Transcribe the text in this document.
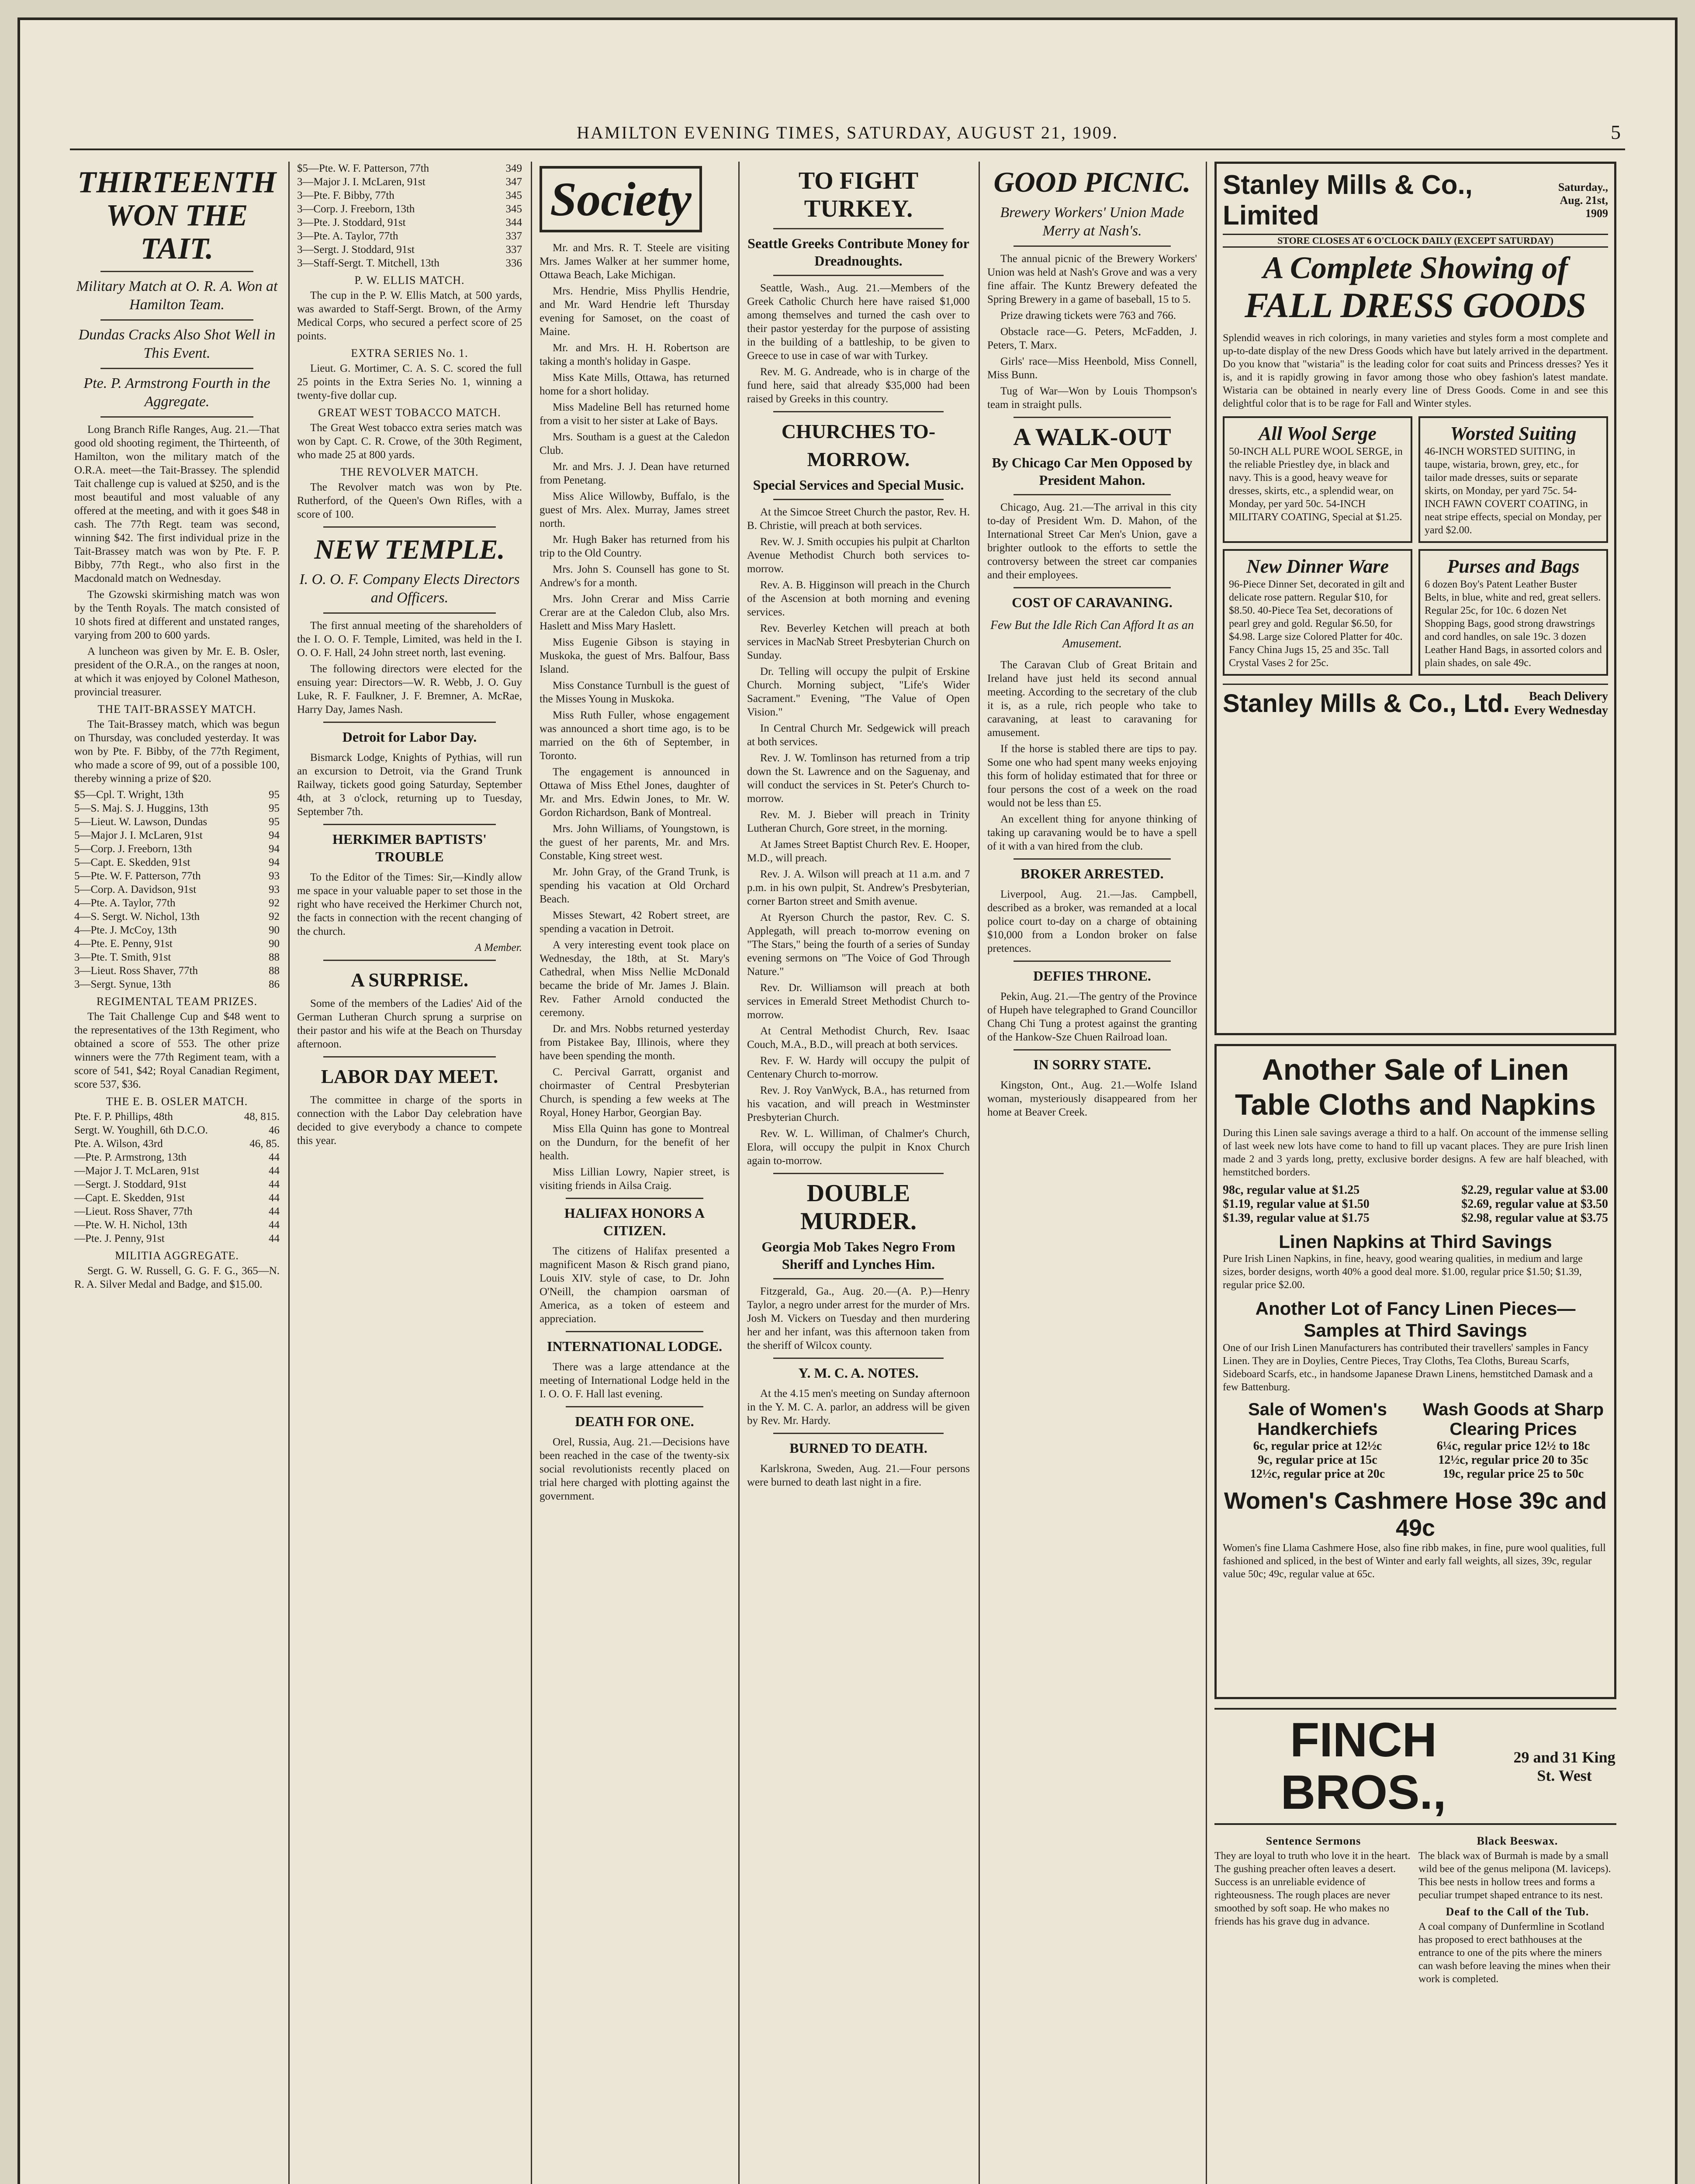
HAMILTON EVENING TIMES, SATURDAY, AUGUST 21, 1909.	5
THIRTEENTH WON THE TAIT.
Military Match at O. R. A. Won at Hamilton Team.
Dundas Cracks Also Shot Well in This Event.
Pte. P. Armstrong Fourth in the Aggregate.

Long Branch Rifle Ranges, Aug. 21.—That good old shooting regiment, the Thirteenth, of Hamilton, won the military match of the O.R.A. meet—the Tait-Brassey. The splendid Tait challenge cup is valued at $250, and is the most beautiful and most valuable of any offered at the meeting, and with it goes $48 in cash. The 77th Regt. team was second, winning $42. The first individual prize in the Tait-Brassey match was won by Pte. F. P. Bibby, 77th Regt., who also first in the Macdonald match on Wednesday.

The Gzowski skirmishing match was won by the Tenth Royals. The match consisted of 10 shots fired at different and unstated ranges, varying from 200 to 600 yards.

A luncheon was given by Mr. E. B. Osler, president of the O.R.A., on the ranges at noon, at which it was enjoyed by Colonel Matheson, provincial treasurer.

THE TAIT-BRASSEY MATCH.

The Tait-Brassey match, which was begun on Thursday, was concluded yesterday. It was won by Pte. F. Bibby, of the 77th Regiment, who made a score of 99, out of a possible 100, thereby winning a prize of $20.

$5—Cpl. T. Wright, 13th	95
5—S. Maj. S. J. Huggins, 13th	95
5—Lieut. W. Lawson, Dundas	95
5—Major J. I. McLaren, 91st	94
5—Corp. J. Freeborn, 13th	94
5—Capt. E. Skedden, 91st	94
5—Pte. W. F. Patterson, 77th	93
5—Corp. A. Davidson, 91st	93
4—Pte. A. Taylor, 77th	92
4—S. Sergt. W. Nichol, 13th	92
4—Pte. J. McCoy, 13th	90
4—Pte. E. Penny, 91st	90
3—Pte. T. Smith, 91st	88
3—Lieut. Ross Shaver, 77th	88
3—Sergt. Synue, 13th	86
REGIMENTAL TEAM PRIZES.

The Tait Challenge Cup and $48 went to the representatives of the 13th Regiment, who obtained a score of 553. The other prize winners were the 77th Regiment team, with a score of 541, $42; Royal Canadian Regiment, score 537, $36.

THE E. B. OSLER MATCH.
Pte. F. P. Phillips, 48th	48, 815.
Sergt. W. Youghill, 6th D.C.O.	46
Pte. A. Wilson, 43rd	46, 85.
—Pte. P. Armstrong, 13th	44
—Major J. T. McLaren, 91st	44
—Sergt. J. Stoddard, 91st	44
—Capt. E. Skedden, 91st	44
—Lieut. Ross Shaver, 77th	44
—Pte. W. H. Nichol, 13th	44
—Pte. J. Penny, 91st	44
MILITIA AGGREGATE.

Sergt. G. W. Russell, G. G. F. G., 365—N. R. A. Silver Medal and Badge, and $15.00.

$5—Pte. W. F. Patterson, 77th	349
3—Major J. I. McLaren, 91st	347
3—Pte. F. Bibby, 77th	345
3—Corp. J. Freeborn, 13th	345
3—Pte. J. Stoddard, 91st	344
3—Pte. A. Taylor, 77th	337
3—Sergt. J. Stoddard, 91st	337
3—Staff-Sergt. T. Mitchell, 13th	336
P. W. ELLIS MATCH.

The cup in the P. W. Ellis Match, at 500 yards, was awarded to Staff-Sergt. Brown, of the Army Medical Corps, who secured a perfect score of 25 points.

EXTRA SERIES No. 1.

Lieut. G. Mortimer, C. A. S. C. scored the full 25 points in the Extra Series No. 1, winning a twenty-five dollar cup.

GREAT WEST TOBACCO MATCH.

The Great West tobacco extra series match was won by Capt. C. R. Crowe, of the 30th Regiment, who made 25 at 800 yards.

THE REVOLVER MATCH.

The Revolver match was won by Pte. Rutherford, of the Queen's Own Rifles, with a score of 100.

NEW TEMPLE.
I. O. O. F. Company Elects Directors and Officers.

The first annual meeting of the shareholders of the I. O. O. F. Temple, Limited, was held in the I. O. O. F. Hall, 24 John street north, last evening.

The following directors were elected for the ensuing year: Directors—W. R. Webb, J. O. Guy Luke, R. F. Faulkner, J. F. Bremner, A. McRae, Harry Day, James Nash.

Detroit for Labor Day.

Bismarck Lodge, Knights of Pythias, will run an excursion to Detroit, via the Grand Trunk Railway, tickets good going Saturday, September 4th, at 3 o'clock, returning up to Tuesday, September 7th.

HERKIMER BAPTISTS' TROUBLE

To the Editor of the Times: Sir,—Kindly allow me space in your valuable paper to set those in the right who have received the Herkimer Church not, the facts in connection with the recent changing of the church.

A Member.
A SURPRISE.

Some of the members of the Ladies' Aid of the German Lutheran Church sprung a surprise on their pastor and his wife at the Beach on Thursday afternoon.

LABOR DAY MEET.

The committee in charge of the sports in connection with the Labor Day celebration have decided to give everybody a chance to compete this year.

Society

Mr. and Mrs. R. T. Steele are visiting Mrs. James Walker at her summer home, Ottawa Beach, Lake Michigan.

Mrs. Hendrie, Miss Phyllis Hendrie, and Mr. Ward Hendrie left Thursday evening for Samoset, on the coast of Maine.

Mr. and Mrs. H. H. Robertson are taking a month's holiday in Gaspe.

Miss Kate Mills, Ottawa, has returned home for a short holiday.

Miss Madeline Bell has returned home from a visit to her sister at Lake of Bays.

Mrs. Southam is a guest at the Caledon Club.

Mr. and Mrs. J. J. Dean have returned from Penetang.

Miss Alice Willowby, Buffalo, is the guest of Mrs. Alex. Murray, James street north.

Mr. Hugh Baker has returned from his trip to the Old Country.

Mrs. John S. Counsell has gone to St. Andrew's for a month.

Mrs. John Crerar and Miss Carrie Crerar are at the Caledon Club, also Mrs. Haslett and Miss Mary Haslett.

Miss Eugenie Gibson is staying in Muskoka, the guest of Mrs. Balfour, Bass Island.

Miss Constance Turnbull is the guest of the Misses Young in Muskoka.

Miss Ruth Fuller, whose engagement was announced a short time ago, is to be married on the 6th of September, in Toronto.

The engagement is announced in Ottawa of Miss Ethel Jones, daughter of Mr. and Mrs. Edwin Jones, to Mr. W. Gordon Richardson, Bank of Montreal.

Mrs. John Williams, of Youngstown, is the guest of her parents, Mr. and Mrs. Constable, King street west.

Mr. John Gray, of the Grand Trunk, is spending his vacation at Old Orchard Beach.

Misses Stewart, 42 Robert street, are spending a vacation in Detroit.

A very interesting event took place on Wednesday, the 18th, at St. Mary's Cathedral, when Miss Nellie McDonald became the bride of Mr. James J. Blain. Rev. Father Arnold conducted the ceremony.

Dr. and Mrs. Nobbs returned yesterday from Pistakee Bay, Illinois, where they have been spending the month.

C. Percival Garratt, organist and choirmaster of Central Presbyterian Church, is spending a few weeks at The Royal, Honey Harbor, Georgian Bay.

Miss Ella Quinn has gone to Montreal on the Dundurn, for the benefit of her health.

Miss Lillian Lowry, Napier street, is visiting friends in Ailsa Craig.

HALIFAX HONORS A CITIZEN.

The citizens of Halifax presented a magnificent Mason & Risch grand piano, Louis XIV. style of case, to Dr. John O'Neill, the champion oarsman of America, as a token of esteem and appreciation.

INTERNATIONAL LODGE.

There was a large attendance at the meeting of International Lodge held in the I. O. O. F. Hall last evening.

DEATH FOR ONE.

Orel, Russia, Aug. 21.—Decisions have been reached in the case of the twenty-six social revolutionists recently placed on trial here charged with plotting against the government.

TO FIGHT TURKEY.
Seattle Greeks Contribute Money for Dreadnoughts.

Seattle, Wash., Aug. 21.—Members of the Greek Catholic Church here have raised $1,000 among themselves and turned the cash over to their pastor yesterday for the purpose of assisting in the building of a battleship, to be given to Greece to use in case of war with Turkey.

Rev. M. G. Andreade, who is in charge of the fund here, said that already $35,000 had been raised by Greeks in this country.

CHURCHES TO-MORROW.
Special Services and Special Music.

At the Simcoe Street Church the pastor, Rev. H. B. Christie, will preach at both services.

Rev. W. J. Smith occupies his pulpit at Charlton Avenue Methodist Church both services to-morrow.

Rev. A. B. Higginson will preach in the Church of the Ascension at both morning and evening services.

Rev. Beverley Ketchen will preach at both services in MacNab Street Presbyterian Church on Sunday.

Dr. Telling will occupy the pulpit of Erskine Church. Morning subject, "Life's Wider Sacrament." Evening, "The Value of Open Vision."

In Central Church Mr. Sedgewick will preach at both services.

Rev. J. W. Tomlinson has returned from a trip down the St. Lawrence and on the Saguenay, and will conduct the services in St. Peter's Church to-morrow.

Rev. M. J. Bieber will preach in Trinity Lutheran Church, Gore street, in the morning.

At James Street Baptist Church Rev. E. Hooper, M.D., will preach.

Rev. J. A. Wilson will preach at 11 a.m. and 7 p.m. in his own pulpit, St. Andrew's Presbyterian, corner Barton street and Smith avenue.

At Ryerson Church the pastor, Rev. C. S. Applegath, will preach to-morrow evening on "The Stars," being the fourth of a series of Sunday evening sermons on "The Voice of God Through Nature."

Rev. Dr. Williamson will preach at both services in Emerald Street Methodist Church to-morrow.

At Central Methodist Church, Rev. Isaac Couch, M.A., B.D., will preach at both services.

Rev. F. W. Hardy will occupy the pulpit of Centenary Church to-morrow.

Rev. J. Roy VanWyck, B.A., has returned from his vacation, and will preach in Westminster Presbyterian Church.

Rev. W. L. Williman, of Chalmer's Church, Elora, will occupy the pulpit in Knox Church again to-morrow.

DOUBLE MURDER.
Georgia Mob Takes Negro From Sheriff and Lynches Him.

Fitzgerald, Ga., Aug. 20.—(A. P.)—Henry Taylor, a negro under arrest for the murder of Mrs. Josh M. Vickers on Tuesday and then murdering her and her infant, was this afternoon taken from the sheriff of Wilcox county.

Y. M. C. A. NOTES.

At the 4.15 men's meeting on Sunday afternoon in the Y. M. C. A. parlor, an address will be given by Rev. Mr. Hardy.

BURNED TO DEATH.

Karlskrona, Sweden, Aug. 21.—Four persons were burned to death last night in a fire.

GOOD PICNIC.
Brewery Workers' Union Made Merry at Nash's.

The annual picnic of the Brewery Workers' Union was held at Nash's Grove and was a very fine affair. The Kuntz Brewery defeated the Spring Brewery in a game of baseball, 15 to 5.

Prize drawing tickets were 763 and 766.

Obstacle race—G. Peters, McFadden, J. Peters, T. Marx.

Girls' race—Miss Heenbold, Miss Connell, Miss Bunn.

Tug of War—Won by Louis Thompson's team in straight pulls.

A WALK-OUT
By Chicago Car Men Opposed by President Mahon.

Chicago, Aug. 21.—The arrival in this city to-day of President Wm. D. Mahon, of the International Street Car Men's Union, gave a brighter outlook to the efforts to settle the controversy between the street car companies and their employees.

COST OF CARAVANING.
Few But the Idle Rich Can Afford It as an Amusement.

The Caravan Club of Great Britain and Ireland have just held its second annual meeting. According to the secretary of the club it is, as a rule, rich people who take to caravaning, at least to caravaning for amusement.

If the horse is stabled there are tips to pay. Some one who had spent many weeks enjoying this form of holiday estimated that for three or four persons the cost of a week on the road would not be less than £5.

An excellent thing for anyone thinking of taking up caravaning would be to have a spell of it with a van hired from the club.

BROKER ARRESTED.

Liverpool, Aug. 21.—Jas. Campbell, described as a broker, was remanded at a local police court to-day on a charge of obtaining $10,000 from a London broker on false pretences.

DEFIES THRONE.

Pekin, Aug. 21.—The gentry of the Province of Hupeh have telegraphed to Grand Councillor Chang Chi Tung a protest against the granting of the Hankow-Sze Chuen Railroad loan.

IN SORRY STATE.

Kingston, Ont., Aug. 21.—Wolfe Island woman, mysteriously disappeared from her home at Beaver Creek.

Stanley Mills & Co., Limited
Saturday., Aug. 21st, 1909
STORE CLOSES AT 6 O'CLOCK DAILY (EXCEPT SATURDAY)
A Complete Showing of
FALL DRESS GOODS
Splendid weaves in rich colorings, in many varieties and styles form a most complete and up-to-date display of the new Dress Goods which have but lately arrived in the department. Do you know that "wistaria" is the leading color for coat suits and Princess dresses? Yes it is, and it is rapidly growing in favor among those who obey fashion's latest mandate. Wistaria can be obtained in nearly every line of Dress Goods. Come in and see this delightful color that is to be rage for Fall and Winter styles.
All Wool Serge
50-INCH ALL PURE WOOL SERGE, in the reliable Priestley dye, in black and navy. This is a good, heavy weave for dresses, skirts, etc., a splendid wear, on Monday, per yard 50c. 54-INCH MILITARY COATING, Special at $1.25.
Worsted Suiting
46-INCH WORSTED SUITING, in taupe, wistaria, brown, grey, etc., for tailor made dresses, suits or separate skirts, on Monday, per yard 75c. 54-INCH FAWN COVERT COATING, in neat stripe effects, special on Monday, per yard $2.00.
New Dinner Ware
96-Piece Dinner Set, decorated in gilt and delicate rose pattern. Regular $10, for $8.50. 40-Piece Tea Set, decorations of pearl grey and gold. Regular $6.50, for $4.98. Large size Colored Platter for 40c. Fancy China Jugs 15, 25 and 35c. Tall Crystal Vases 2 for 25c.
Purses and Bags
6 dozen Boy's Patent Leather Buster Belts, in blue, white and red, great sellers. Regular 25c, for 10c. 6 dozen Net Shopping Bags, good strong drawstrings and cord handles, on sale 19c. 3 dozen Leather Hand Bags, in assorted colors and plain shades, on sale 49c.
Stanley Mills & Co., Ltd.	Beach Delivery Every Wednesday
Another Sale of Linen Table Cloths and Napkins
During this Linen sale savings average a third to a half. On account of the immense selling of last week new lots have come to hand to fill up vacant places. They are pure Irish linen made 2 and 3 yards long, pretty, exclusive border designs. A few are half bleached, with hemstitched borders.
98c, regular value at $1.25	$2.29, regular value at $3.00
$1.19, regular value at $1.50	$2.69, regular value at $3.50
$1.39, regular value at $1.75	$2.98, regular value at $3.75
Linen Napkins at Third Savings
Pure Irish Linen Napkins, in fine, heavy, good wearing qualities, in medium and large sizes, border designs, worth 40% a good deal more. $1.00, regular price $1.50; $1.39, regular price $2.00.
Another Lot of Fancy Linen Pieces—Samples at Third Savings
One of our Irish Linen Manufacturers has contributed their travellers' samples in Fancy Linen. They are in Doylies, Centre Pieces, Tray Cloths, Tea Cloths, Bureau Scarfs, Sideboard Scarfs, etc., in handsome Japanese Drawn Linens, hemstitched Damask and a few Battenburg.
Sale of Women's Handkerchiefs
6c, regular price at 12½c
9c, regular price at 15c
12½c, regular price at 20c
Wash Goods at Sharp Clearing Prices
6¼c, regular price 12½ to 18c
12½c, regular price 20 to 35c
19c, regular price 25 to 50c
Women's Cashmere Hose 39c and 49c
Women's fine Llama Cashmere Hose, also fine ribb makes, in fine, pure wool qualities, full fashioned and spliced, in the best of Winter and early fall weights, all sizes, 39c, regular value 50c; 49c, regular value at 65c.
FINCH BROS.,
29 and 31 King St. West
Sentence Sermons
They are loyal to truth who love it in the heart. The gushing preacher often leaves a desert. Success is an unreliable evidence of righteousness. The rough places are never smoothed by soft soap. He who makes no friends has his grave dug in advance.
Black Beeswax.
The black wax of Burmah is made by a small wild bee of the genus melipona (M. laviceps). This bee nests in hollow trees and forms a peculiar trumpet shaped entrance to its nest.
Deaf to the Call of the Tub.
A coal company of Dunfermline in Scotland has proposed to erect bathhouses at the entrance to one of the pits where the miners can wash before leaving the mines when their work is completed.
